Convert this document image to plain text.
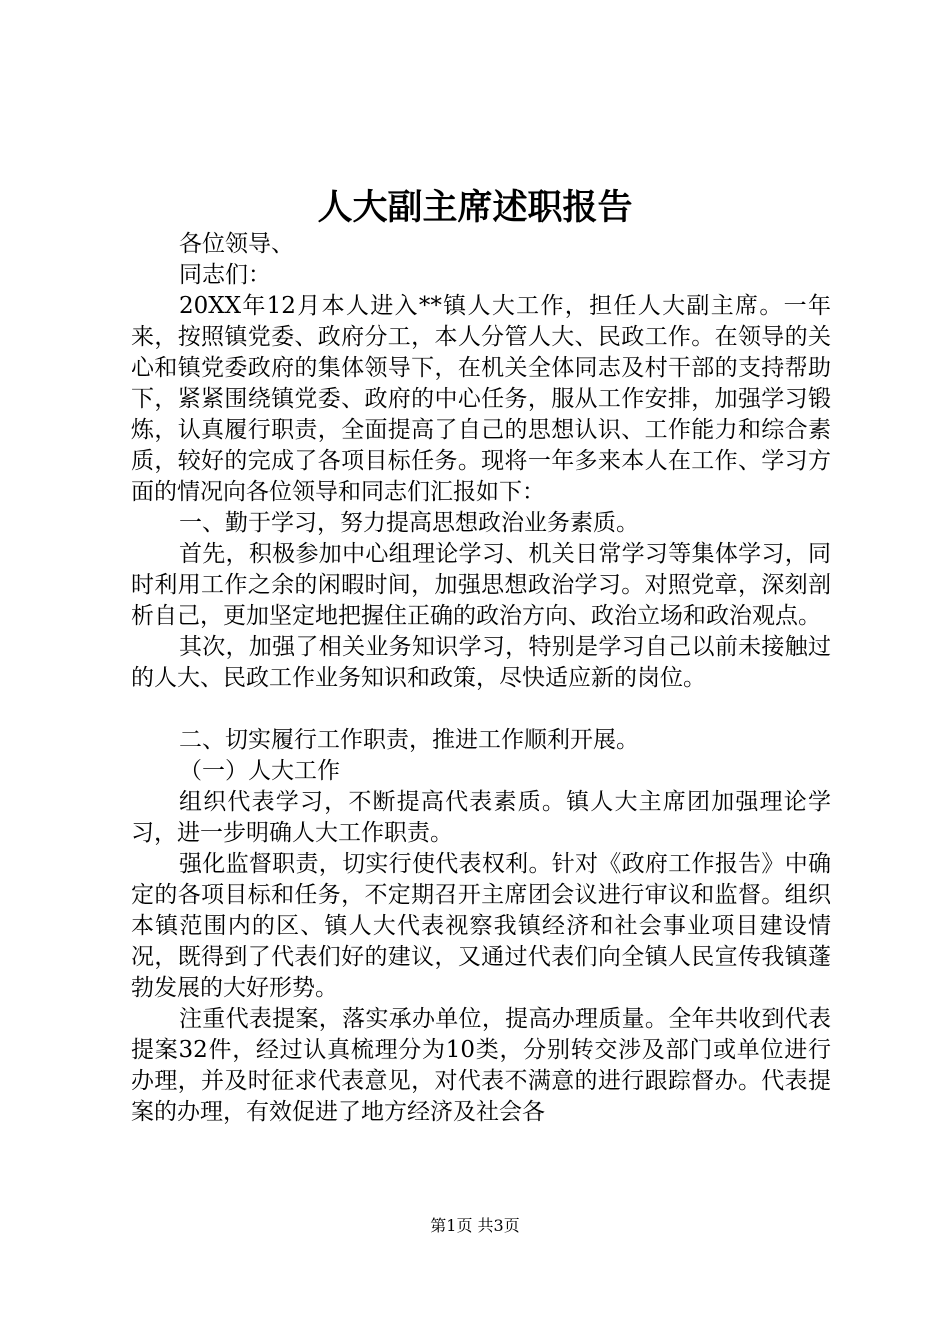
人大副主席述职报告

各位领导、

同志们：

20XX年12月本人进入**镇人大工作，担任人大副主席。一年来，按照镇党委、政府分工，本人分管人大、民政工作。在领导的关心和镇党委政府的集体领导下，在机关全体同志及村干部的支持帮助下，紧紧围绕镇党委、政府的中心任务，服从工作安排，加强学习锻炼，认真履行职责，全面提高了自己的思想认识、工作能力和综合素质，较好的完成了各项目标任务。现将一年多来本人在工作、学习方面的情况向各位领导和同志们汇报如下：

一、勤于学习，努力提高思想政治业务素质。

首先，积极参加中心组理论学习、机关日常学习等集体学习，同时利用工作之余的闲暇时间，加强思想政治学习。对照党章，深刻剖析自己，更加坚定地把握住正确的政治方向、政治立场和政治观点。

其次，加强了相关业务知识学习，特别是学习自己以前未接触过的人大、民政工作业务知识和政策，尽快适应新的岗位。

二、切实履行工作职责，推进工作顺利开展。

（一）人大工作

组织代表学习，不断提高代表素质。镇人大主席团加强理论学习，进一步明确人大工作职责。

强化监督职责，切实行使代表权利。针对《政府工作报告》中确定的各项目标和任务，不定期召开主席团会议进行审议和监督。组织本镇范围内的区、镇人大代表视察我镇经济和社会事业项目建设情况，既得到了代表们好的建议，又通过代表们向全镇人民宣传我镇蓬勃发展的大好形势。

注重代表提案，落实承办单位，提高办理质量。全年共收到代表提案32件，经过认真梳理分为10类，分别转交涉及部门或单位进行办理，并及时征求代表意见，对代表不满意的进行跟踪督办。代表提案的办理，有效促进了地方经济及社会各

第1页 共3页
